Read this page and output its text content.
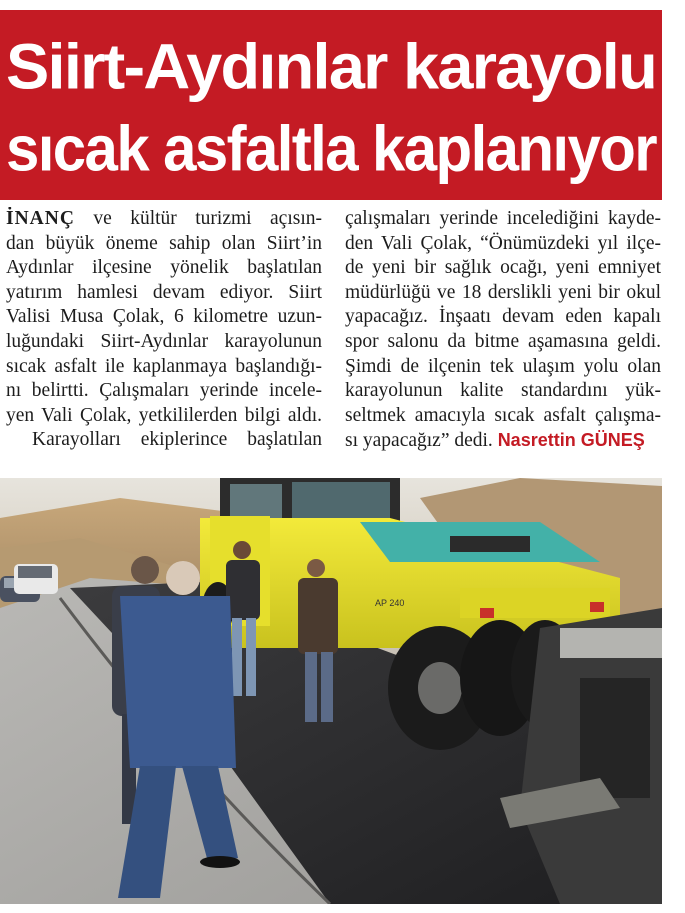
Siirt-Aydınlar karayolu
sıcak asfaltla kaplanıyor
İNANÇ ve kültür turizmi açısın-
dan büyük öneme sahip olan Siirt’in
Aydınlar ilçesine yönelik başlatılan
yatırım hamlesi devam ediyor. Siirt
Valisi Musa Çolak, 6 kilometre uzun-
luğundaki Siirt-Aydınlar karayolunun
sıcak asfalt ile kaplanmaya başlandığı-
nı belirtti. Çalışmaları yerinde incele-
yen Vali Çolak, yetkililerden bilgi aldı.
Karayolları ekiplerince başlatılan
çalışmaları yerinde incelediğini kayde-
den Vali Çolak, “Önümüzdeki yıl ilçe-
de yeni bir sağlık ocağı, yeni emniyet
müdürlüğü ve 18 derslikli yeni bir okul
yapacağız. İnşaatı devam eden kapalı
spor salonu da bitme aşamasına geldi.
Şimdi de ilçenin tek ulaşım yolu olan
karayolunun kalite standardını yük-
seltmek amacıyla sıcak asfalt çalışma-
sı yapacağız” dedi. Nasrettin GÜNEŞ
AP 240
